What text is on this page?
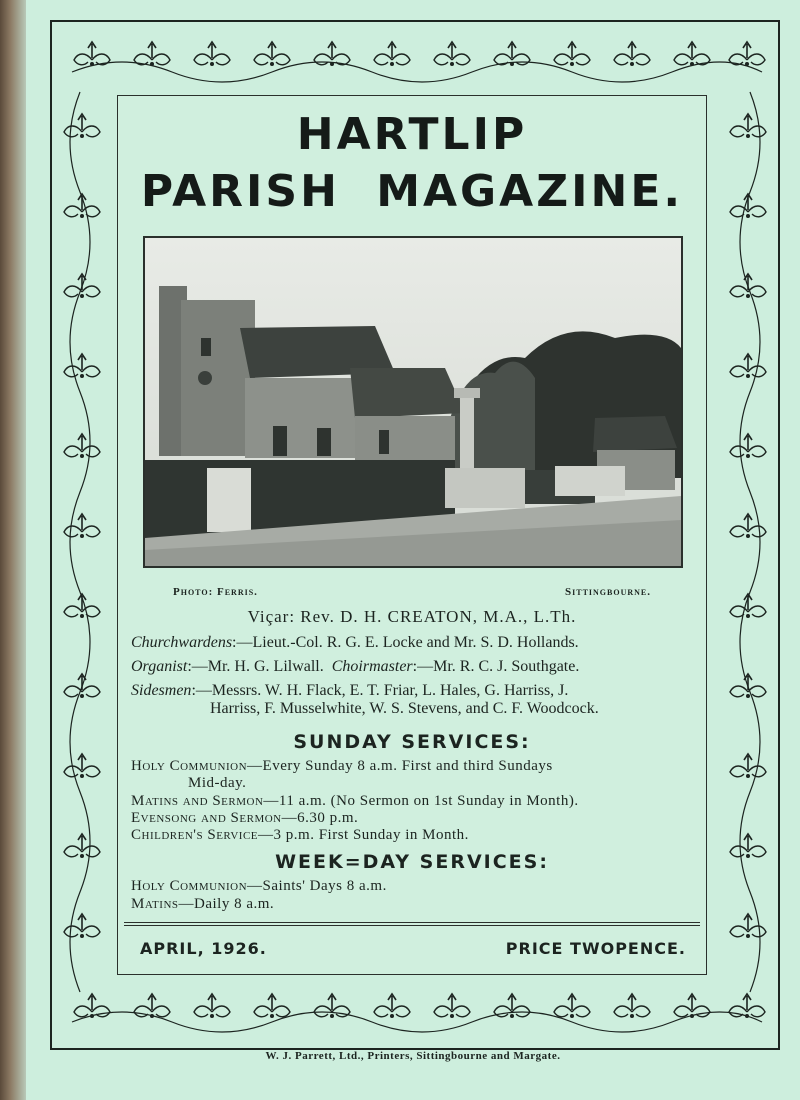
HARTLIP
PARISH MAGAZINE.
Photo: Ferris.	Sittingbourne.
Viçar: Rev. D. H. CREATON, M.A., L.Th.
Churchwardens:—Lieut.-Col. R. G. E. Locke and Mr. S. D. Hollands.
Organist:—Mr. H. G. Lilwall. Choirmaster:—Mr. R. C. J. Southgate.
Sidesmen:—Messrs. W. H. Flack, E. T. Friar, L. Hales, G. Harriss, J.
Harriss, F. Musselwhite, W. S. Stevens, and C. F. Woodcock.
SUNDAY SERVICES:
Holy Communion—Every Sunday 8 a.m. First and third Sundays
Mid-day.
Matins and Sermon—11 a.m. (No Sermon on 1st Sunday in Month).
Evensong and Sermon—6.30 p.m.
Children's Service—3 p.m. First Sunday in Month.
WEEK=DAY SERVICES:
Holy Communion—Saints' Days 8 a.m.
Matins—Daily 8 a.m.
APRIL, 1926.	PRICE TWOPENCE.
W. J. Parrett, Ltd., Printers, Sittingbourne and Margate.
